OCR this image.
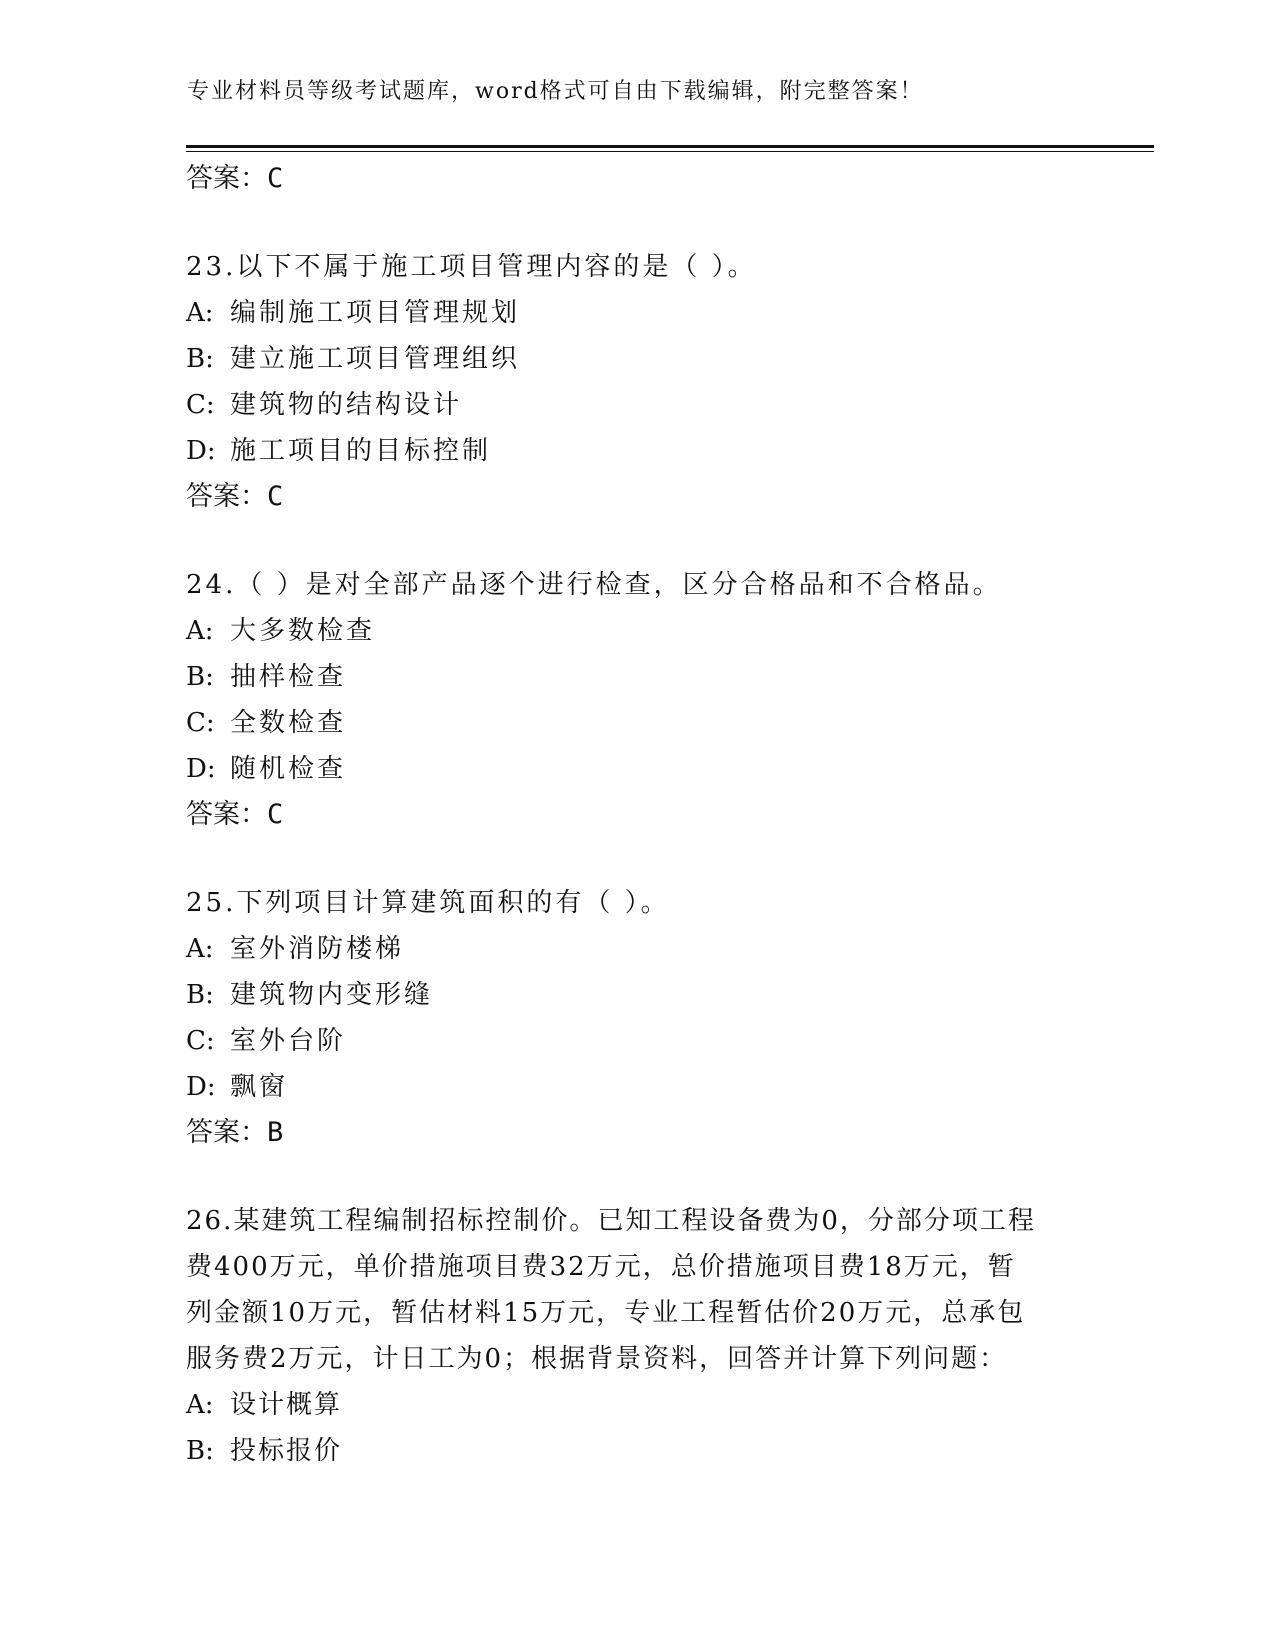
专业材料员等级考试题库，word格式可自由下载编辑，附完整答案！
答案：C
23.以下不属于施工项目管理内容的是（ ）。
A: 编制施工项目管理规划
B: 建立施工项目管理组织
C: 建筑物的结构设计
D: 施工项目的目标控制
答案：C
24.（ ）是对全部产品逐个进行检查，区分合格品和不合格品。
A: 大多数检查
B: 抽样检查
C: 全数检查
D: 随机检查
答案：C
25.下列项目计算建筑面积的有（ ）。
A: 室外消防楼梯
B: 建筑物内变形缝
C: 室外台阶
D: 飘窗
答案：B
26.某建筑工程编制招标控制价。已知工程设备费为0，分部分项工程
费400万元，单价措施项目费32万元，总价措施项目费18万元，暂
列金额10万元，暂估材料15万元，专业工程暂估价20万元，总承包
服务费2万元，计日工为0；根据背景资料，回答并计算下列问题：
A: 设计概算
B: 投标报价
